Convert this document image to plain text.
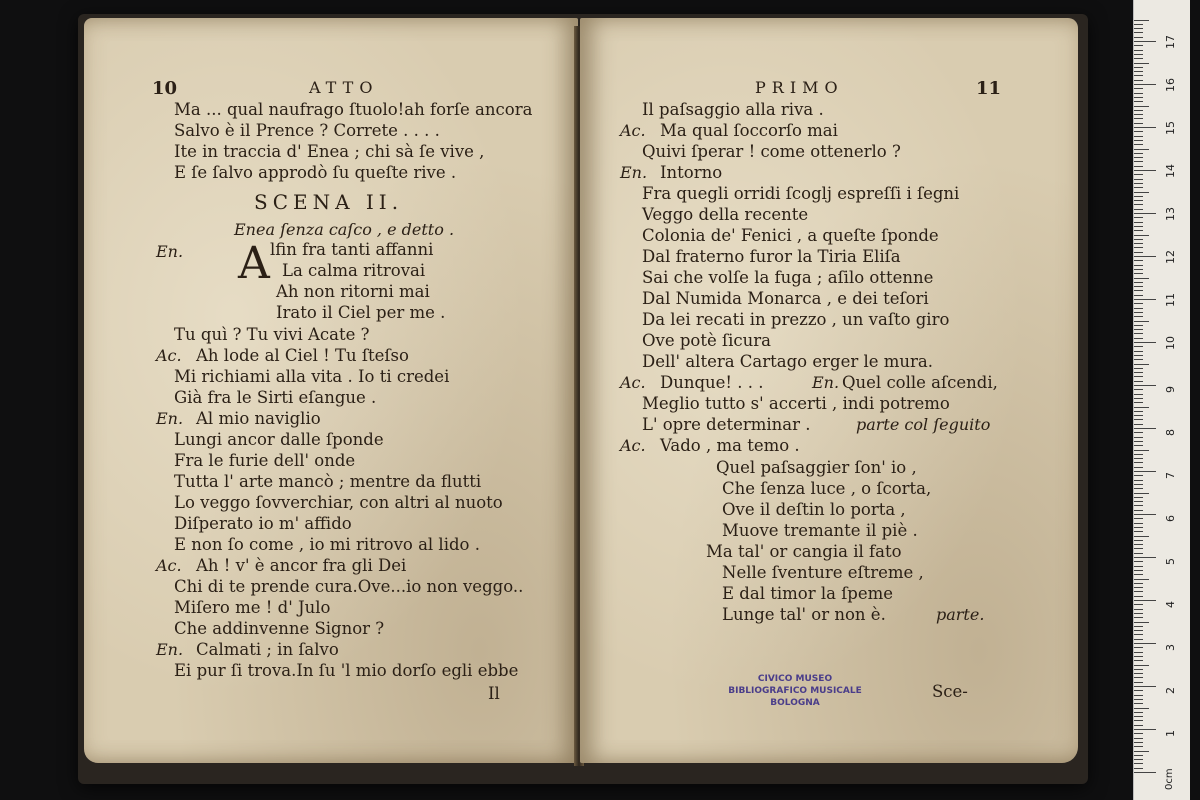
10	ATTO
Ma ... qual naufrago ſtuolo!ah forſe ancora
Salvo è il Prence ? Correte . . . .
Ite in traccia d' Enea ; chi sà ſe vive ,
E ſe ſalvo approdò ſu queſte rive .
SCENA II.
Enea ſenza caſco , e detto .
En. A lfin fra tanti affanni
La calma ritrovai
Ah non ritorni mai
Irato il Ciel per me .
Tu quì ? Tu vivi Acate ?
Ac. Ah lode al Ciel ! Tu ſteſso
Mi richiami alla vita . Io ti credei
Già fra le Sirti eſangue .
En. Al mio naviglio
Lungi ancor dalle ſponde
Fra le furie dell' onde
Tutta l' arte mancò ; mentre da flutti
Lo veggo ſovverchiar, con altri al nuoto
Diſperato io m' affido
E non ſo come , io mi ritrovo al lido .
Ac. Ah ! v' è ancor fra gli Dei
Chi di te prende cura.Ove...io non veggo..
Miſero me ! d' Julo
Che addinvenne Signor ?
En. Calmati ; in ſalvo
Ei pur ſi trova.In ſu 'l mio dorſo egli ebbe
Il
PRIMO	11
Il paſsaggio alla riva .
Ac. Ma qual ſoccorſo mai
Quivi ſperar ! come ottenerlo ?
En. Intorno
Fra quegli orridi ſcoglj espreſſi i ſegni
Veggo della recente
Colonia de' Fenici , a queſte ſponde
Dal fraterno furor la Tiria Eliſa
Sai che volſe la fuga ; aſilo ottenne
Dal Numida Monarca , e dei teſori
Da lei recati in prezzo , un vaſto giro
Ove potè ſicura
Dell' altera Cartago erger le mura.
Ac. Dunque! . . .	En. Quel colle aſcendi,
Meglio tutto s' accerti , indi potremo
L' opre determinar .	parte col ſeguito
Ac. Vado , ma temo .
Quel paſsaggier ſon' io ,
Che ſenza luce , o ſcorta,
Ove il deſtin lo porta ,
Muove tremante il piè .
Ma tal' or cangia il fato
Nelle ſventure eſtreme ,
E dal timor la ſpeme
Lunge tal' or non è.	parte.
CIVICO MUSEO
BIBLIOGRAFICO MUSICALE
BOLOGNA
Sce-
0cm
1
2
3
4
5
6
7
8
9
10
11
12
13
14
15
16
17
